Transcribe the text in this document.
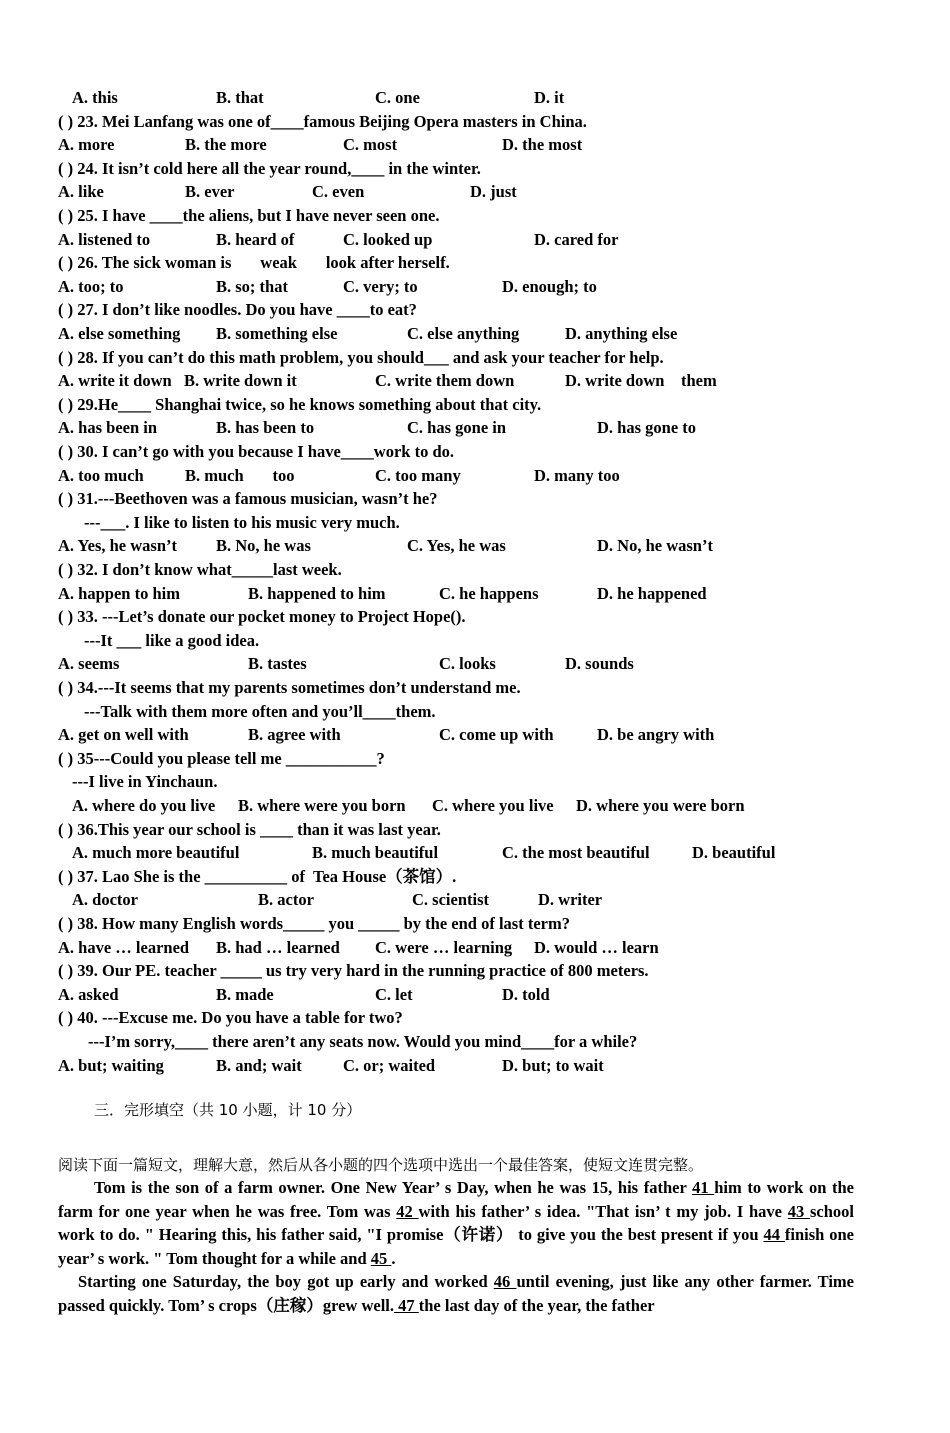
A. this	B. that	C. one	D. it
( ) 23. Mei Lanfang was one of____famous Beijing Opera masters in China.
A. more	B. the more	C. most	D. the most
( ) 24. It isn’t cold here all the year round,____ in the winter.
A. like	B. ever	C. even	D. just
( ) 25. I have ____the aliens, but I have never seen one.
A. listened to	B. heard of	C. looked up	D. cared for
( ) 26. The sick woman is       weak       look after herself.
A. too; to	B. so; that	C. very; to	D. enough; to
( ) 27. I don’t like noodles. Do you have ____to eat?
A. else something B. something else	C. else anything	D. anything else
( ) 28. If you can’t do this math problem, you should___ and ask your teacher for help.
A. write it down B. write down it	C. write them down	D. write down    them
( ) 29.He____ Shanghai twice, so he knows something about that city.
A. has been in	B. has been to	C. has gone in	D. has gone to
( ) 30. I can’t go with you because I have____work to do.
A. too much	B. much       too	C. too many	D. many too
( ) 31.---Beethoven was a famous musician, wasn’t he?
---___. I like to listen to his music very much.
A. Yes, he wasn’t B. No, he was	C. Yes, he was	D. No, he wasn’t
( ) 32. I don’t know what_____last week.
A. happen to him	B. happened to him	C. he happens	D. he happened
( ) 33. ---Let’s donate our pocket money to Project Hope().
---It ___ like a good idea.
A. seems	B. tastes	C. looks	D. sounds
( ) 34.---It seems that my parents sometimes don’t understand me.
---Talk with them more often and you’ll____them.
A. get on well with	B. agree with	C. come up with	D. be angry with
( ) 35---Could you please tell me ___________?
---I live in Yinchaun.
A. where do you live B. where were you born C. where you live D. where you were born
( ) 36.This year our school is ____ than it was last year.
A. much more beautiful	B. much beautiful	C. the most beautiful	D. beautiful
( ) 37. Lao She is the __________ of  Tea House（茶馆）.
A. doctor	B. actor	C. scientist	D. writer
( ) 38. How many English words_____ you _____ by the end of last term?
A. have … learned B. had … learned C. were … learning D. would … learn
( ) 39. Our PE. teacher _____ us try very hard in the running practice of 800 meters.
A. asked	B. made	C. let	D. told
( ) 40. ---Excuse me. Do you have a table for two?
---I’m sorry,____ there aren’t any seats now. Would you mind____for a while?
A. but; waiting	B. and; wait	C. or; waited	D. but; to wait
三．完形填空（共 10 小题，计 10 分）
阅读下面一篇短文，理解大意，然后从各小题的四个选项中选出一个最佳答案，使短文连贯完整。
Tom is the son of a farm owner. One New Year’ s Day, when he was 15, his father 41 him to work on the farm for one year when he was free. Tom was 42 with his father’ s idea. "That isn’ t my job. I have 43 school work to do. " Hearing this, his father said, "I promise（许诺） to give you the best present if you 44 finish one year’ s work. " Tom thought for a while and 45 .
Starting one Saturday, the boy got up early and worked 46 until evening, just like any other farmer. Time passed quickly. Tom’ s crops（庄稼）grew well. 47 the last day of the year, the father
